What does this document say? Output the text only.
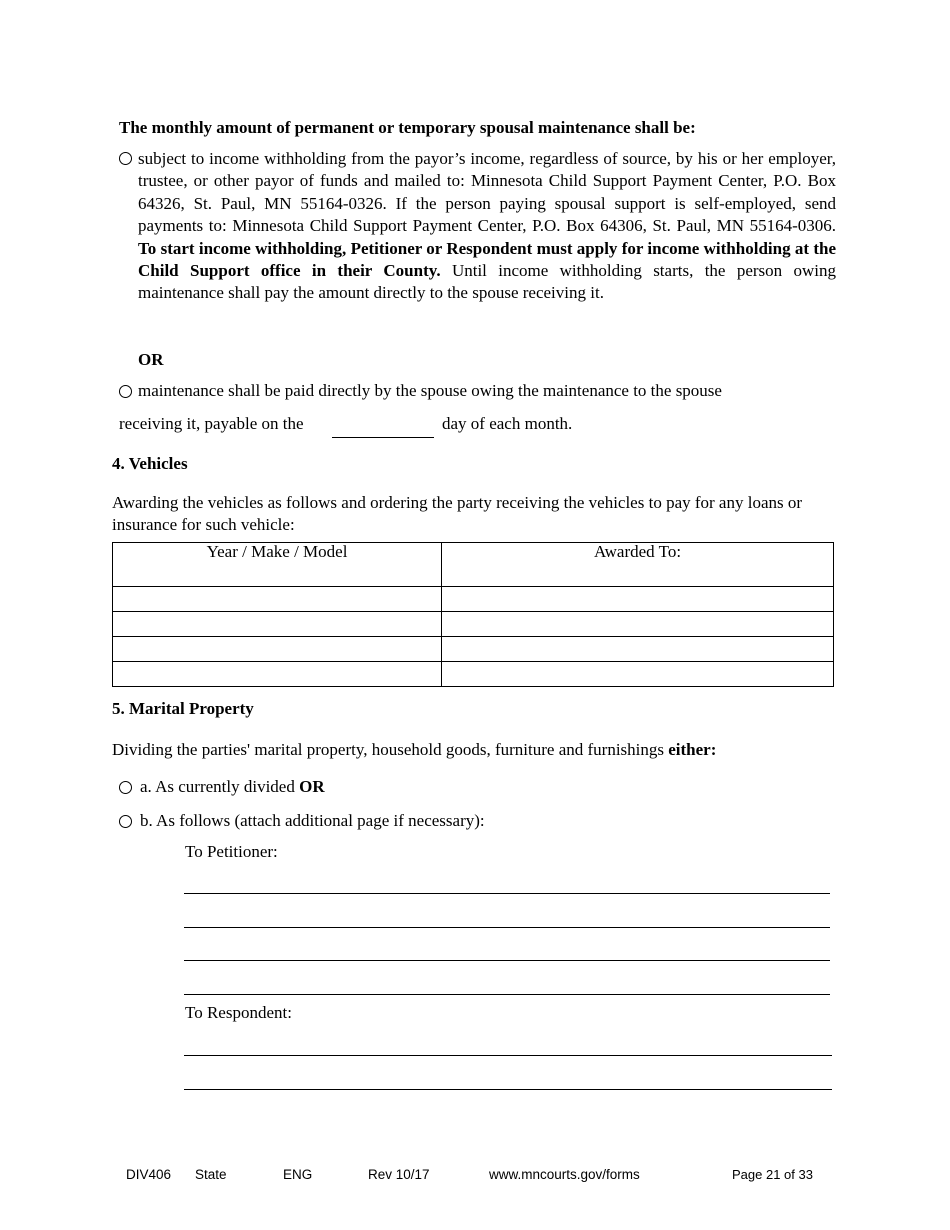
The monthly amount of permanent or temporary spousal maintenance shall be:
subject to income withholding from the payor’s income, regardless of source, by his or her employer, trustee, or other payor of funds and mailed to: Minnesota Child Support Payment Center, P.O. Box 64326, St. Paul, MN 55164-0326. If the person paying spousal support is self-employed, send payments to: Minnesota Child Support Payment Center, P.O. Box 64306, St. Paul, MN 55164-0306. To start income withholding, Petitioner or Respondent must apply for income withholding at the Child Support office in their County. Until income withholding starts, the person owing maintenance shall pay the amount directly to the spouse receiving it.
OR
maintenance shall be paid directly by the spouse owing the maintenance to the spouse
receiving it, payable on the	day of each month.
4. Vehicles
Awarding the vehicles as follows and ordering the party receiving the vehicles to pay for any loans or insurance for such vehicle:
Year / Make / Model	Awarded To:

5. Marital Property
Dividing the parties' marital property, household goods, furniture and furnishings either:
a. As currently divided OR
b. As follows (attach additional page if necessary):
To Petitioner:
To Respondent:
DIV406 State	ENG	Rev 10/17	www.mncourts.gov/forms	Page 21 of 33
